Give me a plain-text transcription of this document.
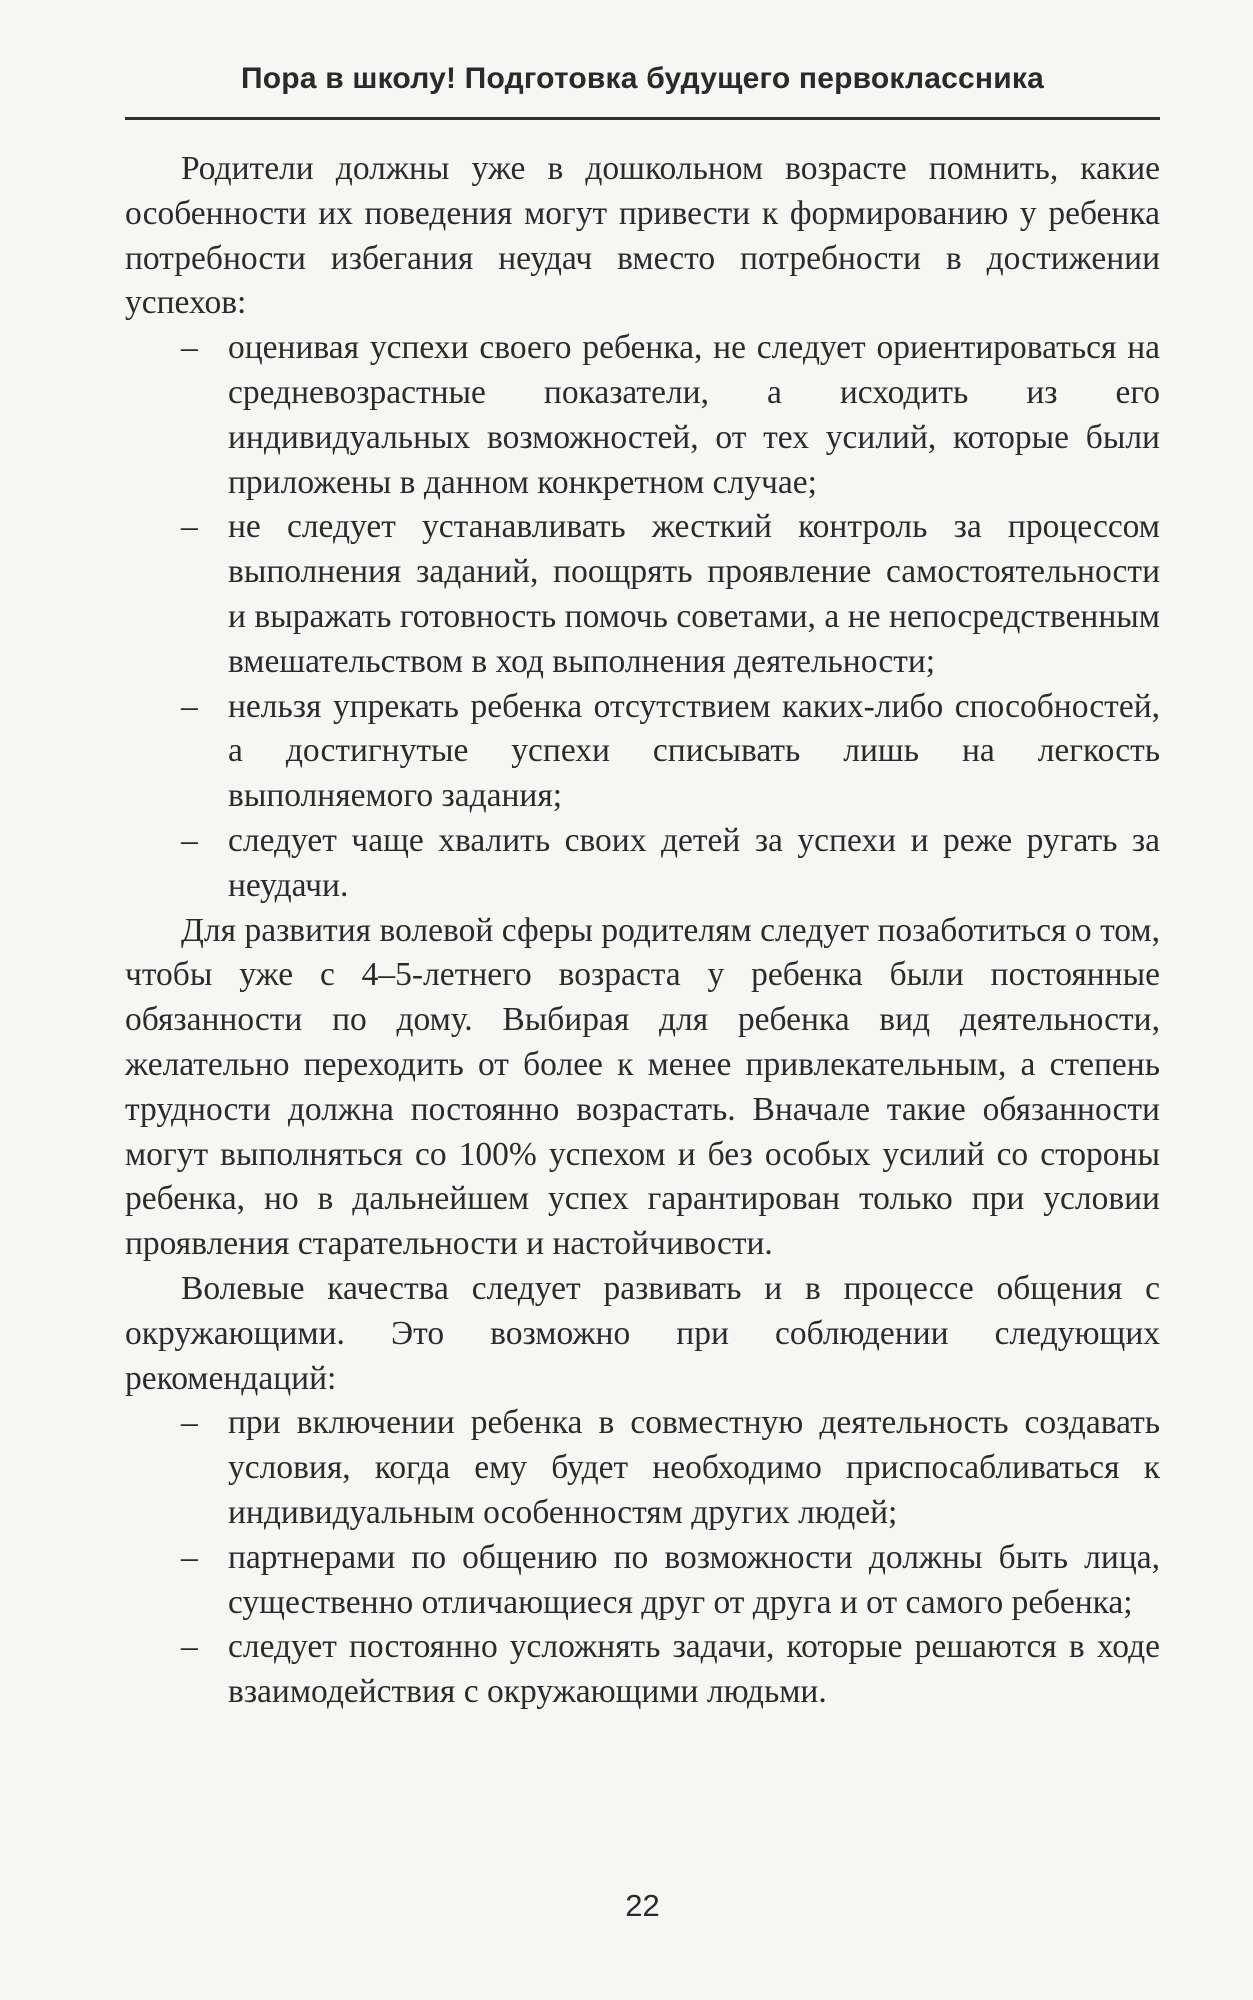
Пора в школу! Подготовка будущего первоклассника

Родители должны уже в дошкольном возрасте помнить, какие особенности их поведения могут привести к формированию у ребенка потребности избегания неудач вместо потребности в достижении успехов:

– оценивая успехи своего ребенка, не следует ориентироваться на средневозрастные показатели, а исходить из его индивидуальных возможностей, от тех усилий, которые были приложены в данном конкретном случае;
– не следует устанавливать жесткий контроль за процессом выполнения заданий, поощрять проявление самостоятельности и выражать готовность помочь советами, а не непосредственным вмешательством в ход выполнения деятельности;
– нельзя упрекать ребенка отсутствием каких-либо способностей, а достигнутые успехи списывать лишь на легкость выполняемого задания;
– следует чаще хвалить своих детей за успехи и реже ругать за неудачи.

Для развития волевой сферы родителям следует позаботиться о том, чтобы уже с 4–5-летнего возраста у ребенка были постоянные обязанности по дому. Выбирая для ребенка вид деятельности, желательно переходить от более к менее привлекательным, а степень трудности должна постоянно возрастать. Вначале такие обязанности могут выполняться со 100% успехом и без особых усилий со стороны ребенка, но в дальнейшем успех гарантирован только при условии проявления старательности и настойчивости.

Волевые качества следует развивать и в процессе общения с окружающими. Это возможно при соблюдении следующих рекомендаций:

– при включении ребенка в совместную деятельность создавать условия, когда ему будет необходимо приспосабливаться к индивидуальным особенностям других людей;
– партнерами по общению по возможности должны быть лица, существенно отличающиеся друг от друга и от самого ребенка;
– следует постоянно усложнять задачи, которые решаются в ходе взаимодействия с окружающими людьми.
22
